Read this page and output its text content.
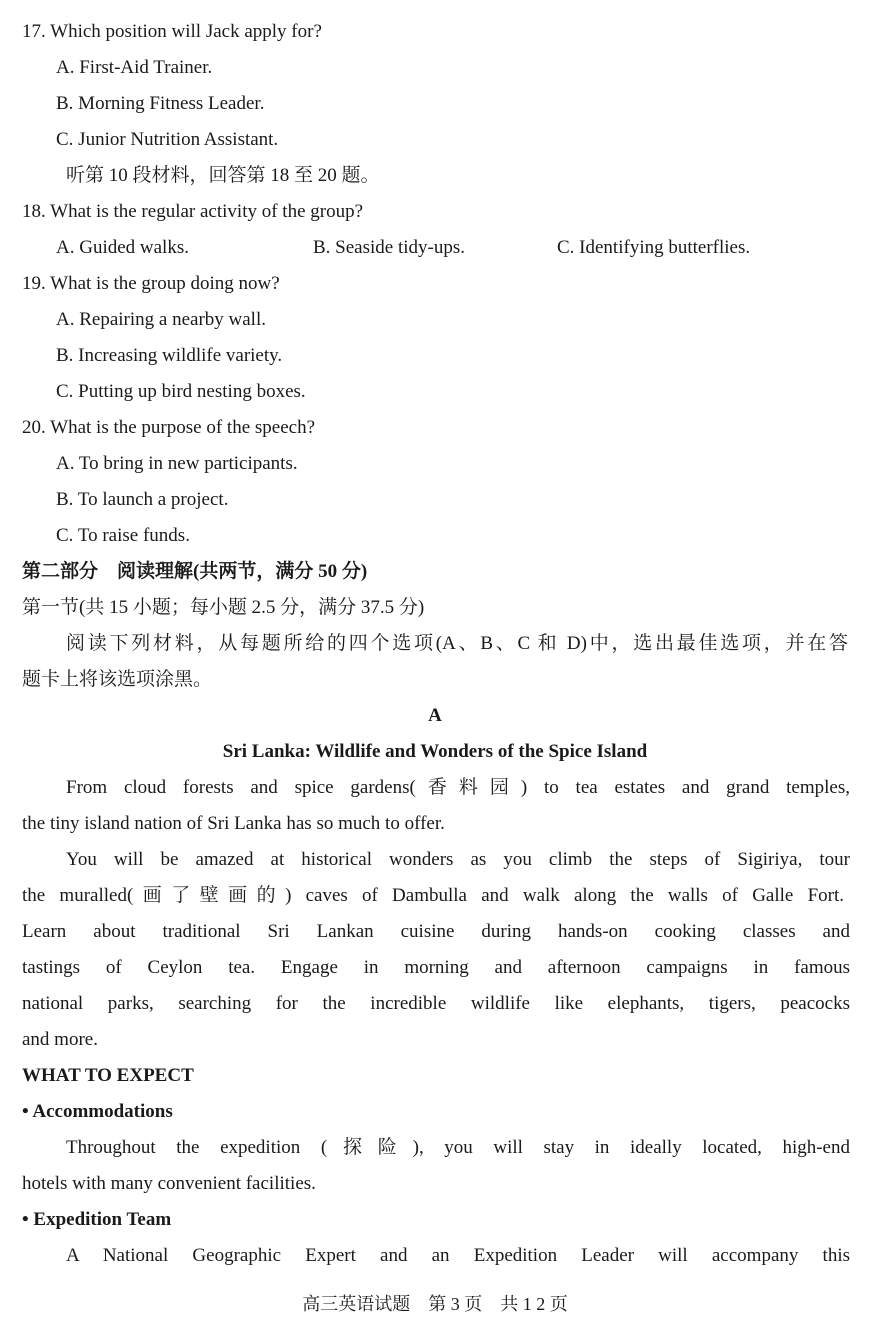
17. Which position will Jack apply for?
A. First-Aid Trainer.
B. Morning Fitness Leader.
C. Junior Nutrition Assistant.
听第 10 段材料，回答第 18 至 20 题。
18. What is the regular activity of the group?
A. Guided walks.	B. Seaside tidy-ups.	C. Identifying butterflies.
19. What is the group doing now?
A. Repairing a nearby wall.
B. Increasing wildlife variety.
C. Putting up bird nesting boxes.
20. What is the purpose of the speech?
A. To bring in new participants.
B. To launch a project.
C. To raise funds.
第二部分　阅读理解(共两节，满分 50 分)
第一节(共 15 小题；每小题 2.5 分，满分 37.5 分)
阅读下列材料，从每题所给的四个选项(A、B、C 和 D)中，选出最佳选项，并在答
题卡上将该选项涂黑。
A
Sri Lanka: Wildlife and Wonders of the Spice Island
From cloud forests and spice gardens(香料园) to tea estates and grand temples,
the tiny island nation of Sri Lanka has so much to offer.
You will be amazed at historical wonders as you climb the steps of Sigiriya, tour
the muralled(画了壁画的) caves of Dambulla and walk along the walls of Galle Fort.
Learn about traditional Sri Lankan cuisine during hands-on cooking classes and
tastings of Ceylon tea. Engage in morning and afternoon campaigns in famous
national parks, searching for the incredible wildlife like elephants, tigers, peacocks
and more.
WHAT TO EXPECT
• Accommodations
Throughout the expedition (探险), you will stay in ideally located, high-end
hotels with many convenient facilities.
• Expedition Team
A National Geographic Expert and an Expedition Leader will accompany this
高三英语试题　第 3 页　共 1 2 页
